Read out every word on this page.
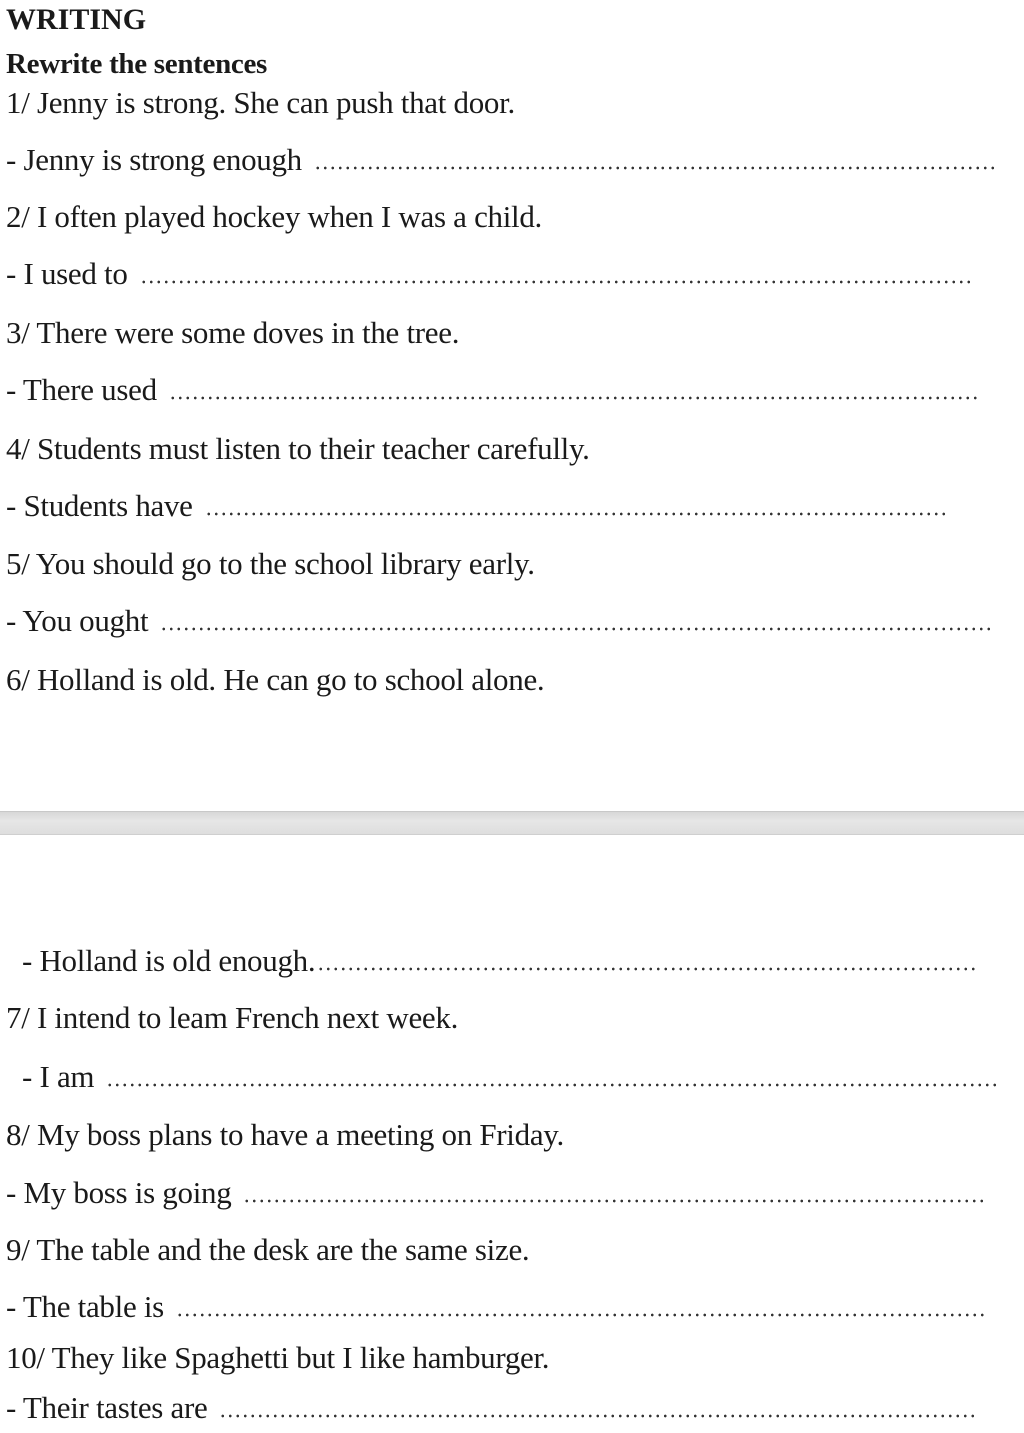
WRITING
Rewrite the sentences
1/ Jenny is strong. She can push that door.
- Jenny is strong enough
2/ I often played hockey when I was a child.
- I used to
3/ There were some doves in the tree.
- There used
4/ Students must listen to their teacher carefully.
- Students have
5/ You should go to the school library early.
- You ought
6/ Holland is old. He can go to school alone.
- Holland is old enough.
7/ I intend to leam French next week.
- I am
8/ My boss plans to have a meeting on Friday.
- My boss is going
9/ The table and the desk are the same size.
- The table is
10/ They like Spaghetti but I like hamburger.
- Their tastes are
